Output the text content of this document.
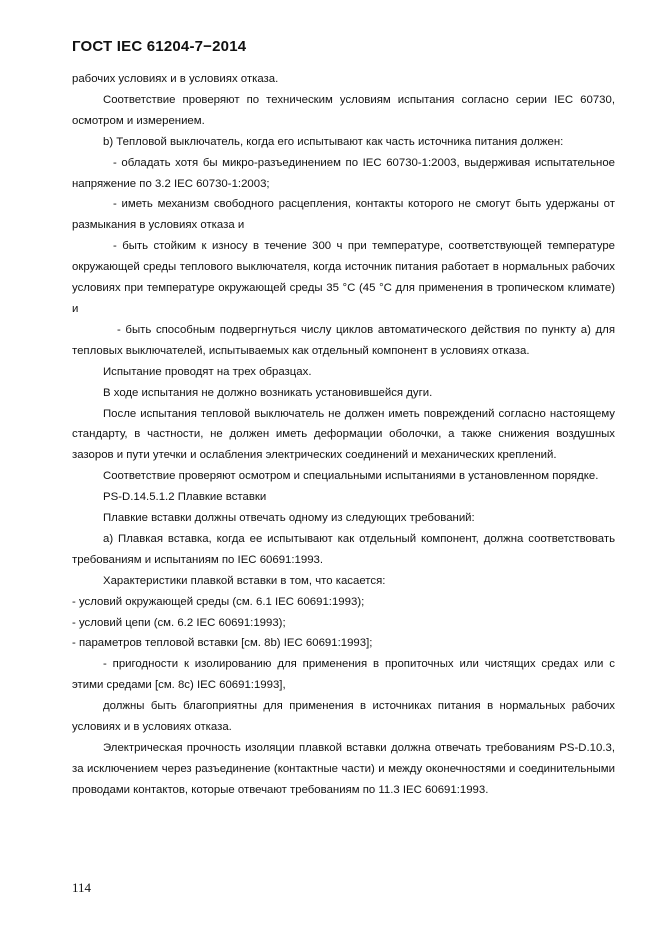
ГОСТ IEC 61204-7−2014

рабочих условиях и в условиях отказа.

Соответствие проверяют по техническим условиям испытания согласно серии IEC 60730, осмотром и измерением.

b) Тепловой выключатель, когда его испытывают как часть источника питания должен:

- обладать хотя бы микро-разъединением по IEC 60730-1:2003, выдерживая испытательное напряжение по 3.2 IEC 60730-1:2003;

- иметь механизм свободного расцепления, контакты которого не смогут быть удержаны от размыкания в условиях отказа и

- быть стойким к износу в течение 300 ч при температуре, соответствующей температуре окружающей среды теплового выключателя, когда источник питания работает в нормальных рабочих условиях при температуре окружающей среды 35 °С (45 °С для применения в тропическом климате) и

- быть способным подвергнуться числу циклов автоматического действия по пункту а) для тепловых выключателей, испытываемых как отдельный компонент в условиях отказа.

Испытание проводят на трех образцах.

В ходе испытания не должно возникать установившейся дуги.

После испытания тепловой выключатель не должен иметь повреждений согласно настоящему стандарту, в частности, не должен иметь деформации оболочки, а также снижения воздушных зазоров и пути утечки и ослабления электрических соединений и механических креплений.

Соответствие проверяют осмотром и специальными испытаниями в установленном порядке.

PS-D.14.5.1.2 Плавкие вставки

Плавкие вставки должны отвечать одному из следующих требований:

а) Плавкая вставка, когда ее испытывают как отдельный компонент, должна соответствовать требованиям и испытаниям по IEC 60691:1993.

Характеристики плавкой вставки в том, что касается:

- условий окружающей среды (см. 6.1 IEC 60691:1993);

- условий цепи (см. 6.2 IEC 60691:1993);

- параметров тепловой вставки [см. 8b) IEC 60691:1993];

- пригодности к изолированию для применения в пропиточных или чистящих средах или с этими средами [см. 8с) IEC 60691:1993],

должны быть благоприятны для применения в источниках питания в нормальных рабочих условиях и в условиях отказа.

Электрическая прочность изоляции плавкой вставки должна отвечать требованиям PS-D.10.3, за исключением через разъединение (контактные части) и между оконечностями и соединительными проводами контактов, которые отвечают требованиям по 11.3 IEC 60691:1993.

114
